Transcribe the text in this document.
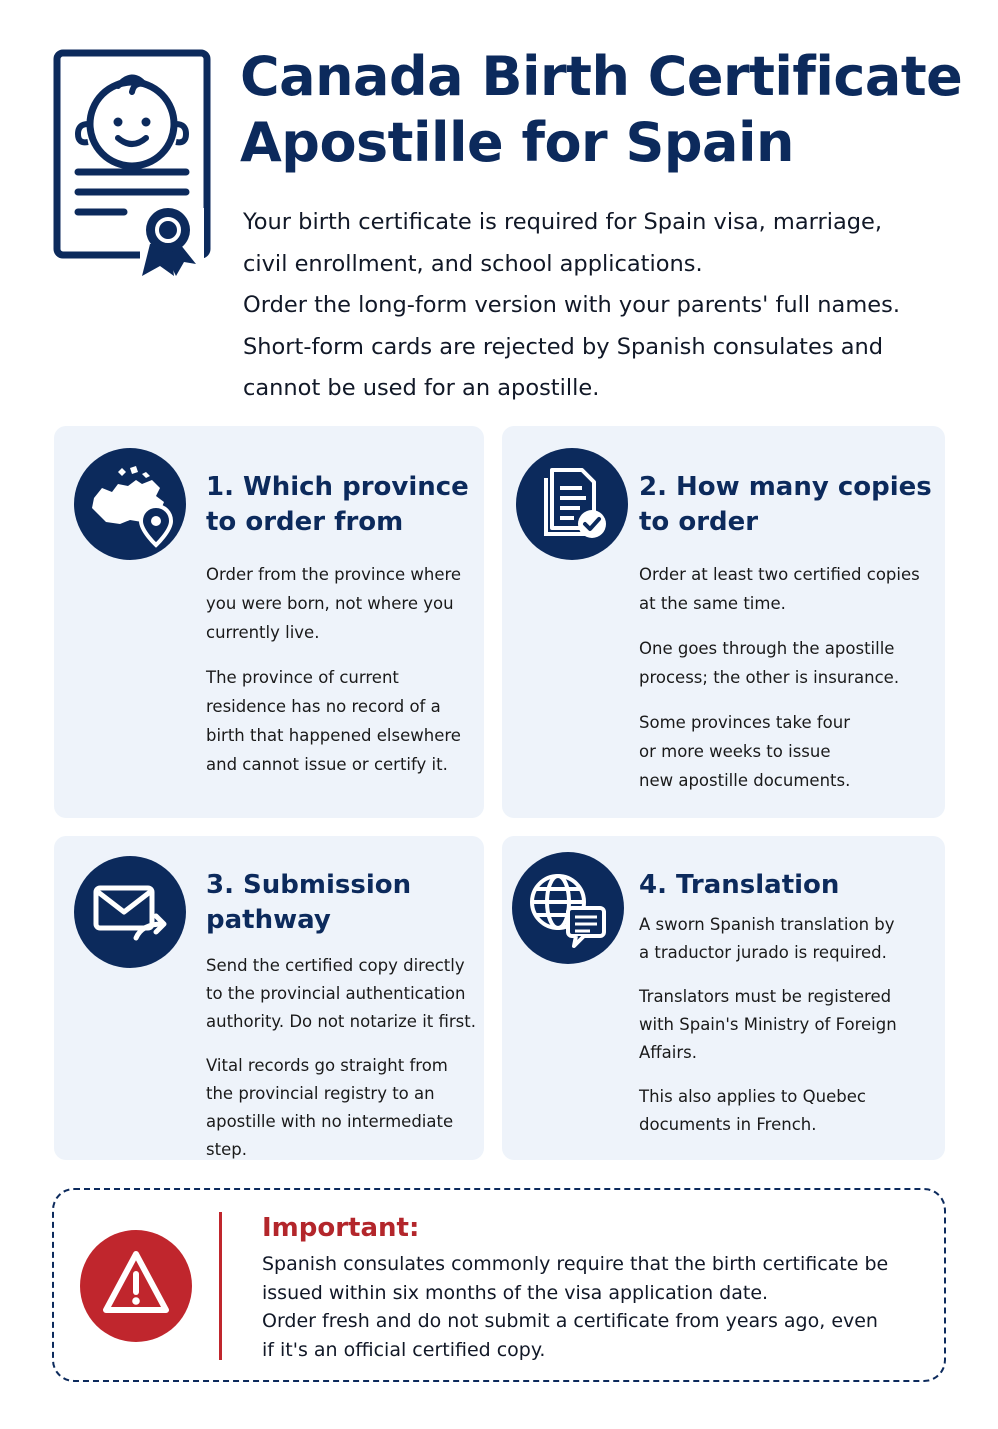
Canada Birth Certificate
Apostille for Spain

Your birth certificate is required for Spain visa, marriage,

civil enrollment, and school applications.

Order the long-form version with your parents' full names.

Short-form cards are rejected by Spanish consulates and

cannot be used for an apostille.

1. Which province
to order from

Order from the province where you were born, not where you currently live.

The province of current residence has no record of a birth that happened elsewhere and cannot issue or certify it.

2. How many copies
to order

Order at least two certified copies at the same time.

One goes through the apostille process; the other is insurance.

Some provinces take four or more weeks to issue new apostille documents.

3. Submission
pathway

Send the certified copy directly to the provincial authentication authority. Do not notarize it first.

Vital records go straight from the provincial registry to an apostille with no intermediate step.

4. Translation

A sworn Spanish translation by a traductor jurado is required.

Translators must be registered with Spain's Ministry of Foreign Affairs.

This also applies to Quebec documents in French.

Important:
Spanish consulates commonly require that the birth certificate be
issued within six months of the visa application date.
Order fresh and do not submit a certificate from years ago, even
if it's an official certified copy.
